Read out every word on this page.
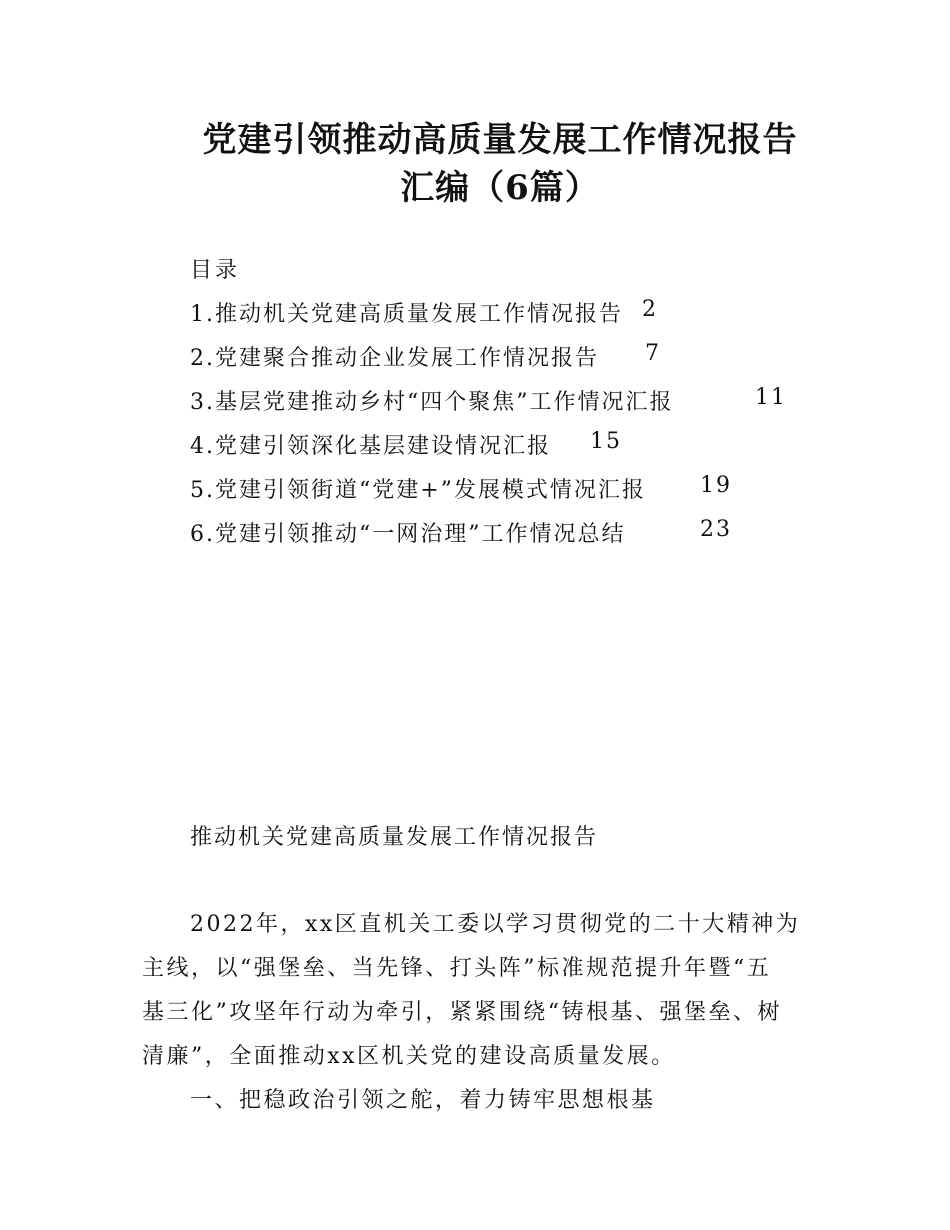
党建引领推动高质量发展工作情况报告
汇编（6篇）
目录
1.推动机关党建高质量发展工作情况报告 2
2.党建聚合推动企业发展工作情况报告 7
3.基层党建推动乡村“四个聚焦”工作情况汇报	11
4.党建引领深化基层建设情况汇报 15
5.党建引领街道“党建+”发展模式情况汇报 19
6.党建引领推动“一网治理”工作情况总结	23
推动机关党建高质量发展工作情况报告
2022年，xx区直机关工委以学习贯彻党的二十大精神为
主线，以“强堡垒、当先锋、打头阵”标准规范提升年暨“五
基三化”攻坚年行动为牵引，紧紧围绕“铸根基、强堡垒、树
清廉”，全面推动xx区机关党的建设高质量发展。
一、把稳政治引领之舵，着力铸牢思想根基
